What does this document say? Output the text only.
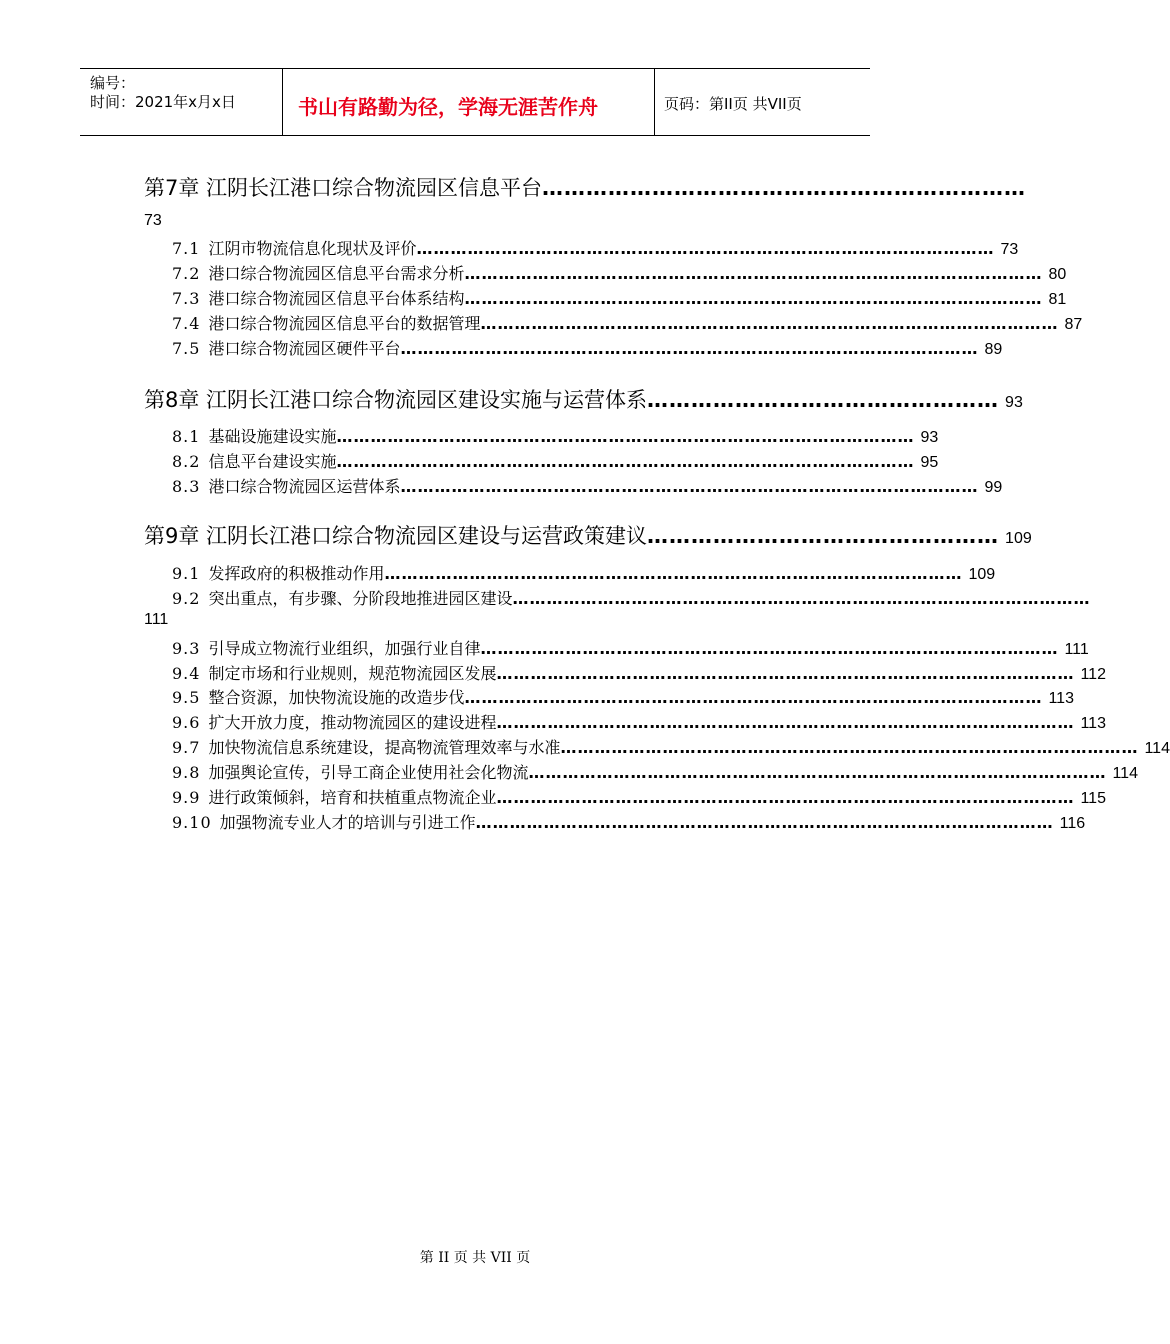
编号：
时间：2021年x月x日	书山有路勤为径，学海无涯苦作舟	页码：第II页 共VII页
第7章 江阴长江港口综合物流园区信息平台 …………………………………………………………
73
7.1 江阴市物流信息化现状及评价 ………………………………………………………………………………………… 73
7.2 港口综合物流园区信息平台需求分析 ………………………………………………………………………………………… 80
7.3 港口综合物流园区信息平台体系结构 ………………………………………………………………………………………… 81
7.4 港口综合物流园区信息平台的数据管理 ………………………………………………………………………………………… 87
7.5 港口综合物流园区硬件平台 ………………………………………………………………………………………… 89
第8章 江阴长江港口综合物流园区建设实施与运营体系 ………………………………………… 93
8.1 基础设施建设实施 ………………………………………………………………………………………… 93
8.2 信息平台建设实施 ………………………………………………………………………………………… 95
8.3 港口综合物流园区运营体系 ………………………………………………………………………………………… 99
第9章 江阴长江港口综合物流园区建设与运营政策建议 ………………………………………… 109
9.1 发挥政府的积极推动作用 ………………………………………………………………………………………… 109
9.2 突出重点，有步骤、分阶段地推进园区建设 …………………………………………………………………………………………
111
9.3 引导成立物流行业组织，加强行业自律 ………………………………………………………………………………………… 111
9.4 制定市场和行业规则，规范物流园区发展 ………………………………………………………………………………………… 112
9.5 整合资源，加快物流设施的改造步伐 ………………………………………………………………………………………… 113
9.6 扩大开放力度，推动物流园区的建设进程 ………………………………………………………………………………………… 113
9.7 加快物流信息系统建设，提高物流管理效率与水准 ………………………………………………………………………………………… 114
9.8 加强舆论宣传，引导工商企业使用社会化物流 ………………………………………………………………………………………… 114
9.9 进行政策倾斜，培育和扶植重点物流企业 ………………………………………………………………………………………… 115
9.10 加强物流专业人才的培训与引进工作 ………………………………………………………………………………………… 116
第 II 页 共 VII 页
